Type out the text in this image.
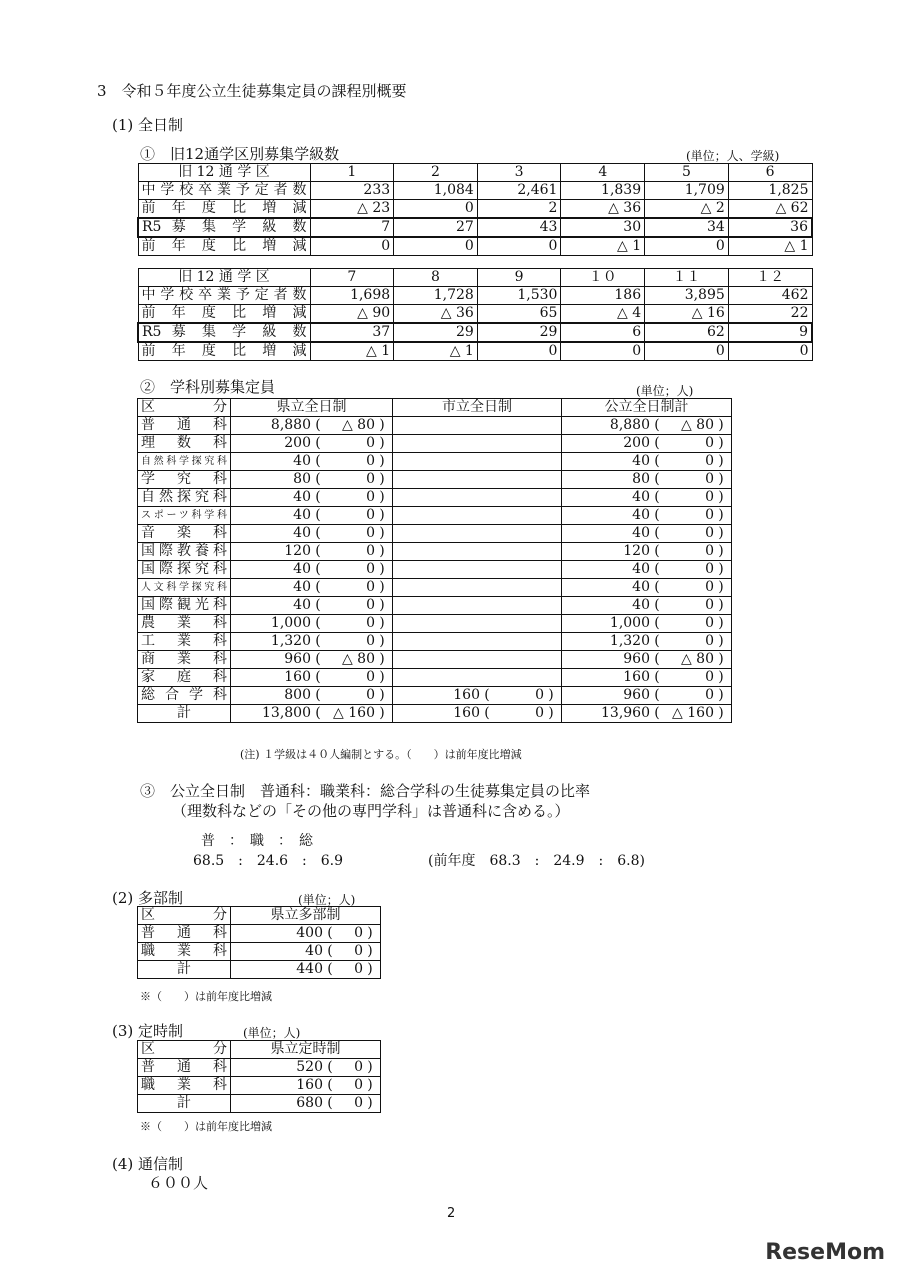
3　令和５年度公立生徒募集定員の課程別概要
(1) 全日制
①　旧12通学区別募集学級数	(単位；人、学級)
旧 12 通 学 区	1	2	3	4	5	6
中学校卒業予定者数	233	1,084	2,461	1,839	1,709	1,825
前 年 度 比 増 減	△ 23	0	2	△ 36	△ 2	△ 62
R5 募 集 学 級 数	7	27	43	30	34	36
前 年 度 比 増 減	0	0	0	△ 1	0	△ 1
旧 12 通 学 区	7	8	9	１０	１１	１２
中学校卒業予定者数	1,698	1,728	1,530	186	3,895	462
前 年 度 比 増 減	△ 90	△ 36	65	△ 4	△ 16	22
R5 募 集 学 級 数	37	29	29	6	62	9
前 年 度 比 増 減	△ 1	△ 1	0	0	0	0
②　学科別募集定員	(単位；人)
区　　分	県立全日制	市立全日制	公立全日制計
普　通　科	8,880 ( △ 80 )		8,880 ( △ 80 )

理　数　科	200 ( 0 )		200 ( 0 )

自然科学探究科	40 ( 0 )		40 ( 0 )

学　究　科	80 ( 0 )		80 ( 0 )

自然探究科	40 ( 0 )		40 ( 0 )

スポーツ科学科	40 ( 0 )		40 ( 0 )

音　楽　科	40 ( 0 )		40 ( 0 )

国際教養科	120 ( 0 )		120 ( 0 )

国際探究科	40 ( 0 )		40 ( 0 )

人文科学探究科	40 ( 0 )		40 ( 0 )

国際観光科	40 ( 0 )		40 ( 0 )

農　業　科	1,000 ( 0 )		1,000 ( 0 )

工　業　科	1,320 ( 0 )		1,320 ( 0 )

商　業　科	960 ( △ 80 )		960 ( △ 80 )

家　庭　科	160 ( 0 )		160 ( 0 )

総合学科	800 ( 0 )	160 ( 0 )	960 ( 0 )

計	13,800 ( △ 160 )	160 ( 0 )	13,960 ( △ 160 )
(注) １学級は４０人編制とする。（　　）は前年度比増減
③　公立全日制　普通科：職業科：総合学科の生徒募集定員の比率
（理数科などの「その他の専門学科」は普通科に含める。）
普　：　職　：　総
68.5　:　24.6　:　6.9	(前年度　68.3　:　24.9　:　6.8)
(2) 多部制	(単位；人)
区　　分	県立多部制
普　通　科	400 ( 0 )

職　業　科	40 ( 0 )

計	440 ( 0 )
※（　　）は前年度比増減
(3) 定時制	(単位；人)
区　　分	県立定時制
普　通　科	520 ( 0 )

職　業　科	160 ( 0 )

計	680 ( 0 )
※（　　）は前年度比増減
(4) 通信制
６００人
2
ReseMom
